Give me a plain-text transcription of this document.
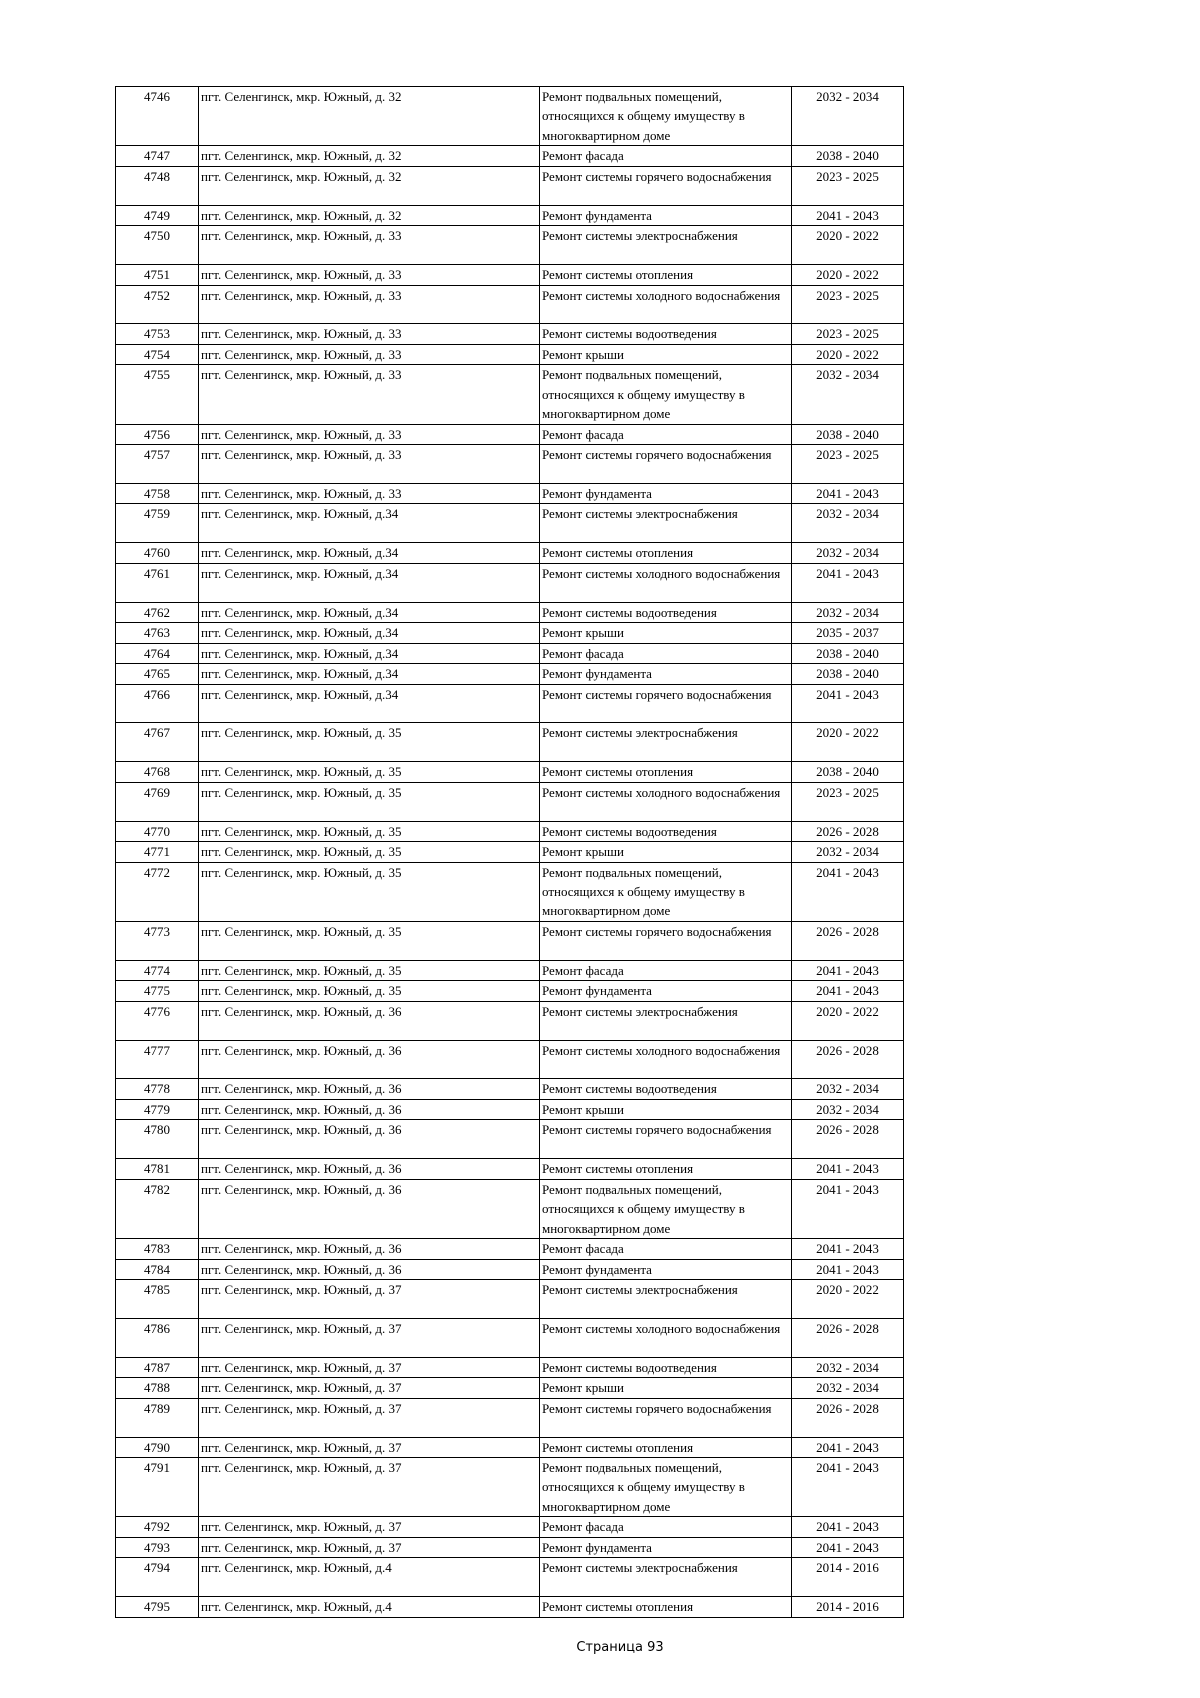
4746	пгт. Селенгинск, мкр. Южный, д. 32	Ремонт подвальных помещений, относящихся к общему имуществу в многоквартирном доме	2032 - 2034
4747	пгт. Селенгинск, мкр. Южный, д. 32	Ремонт фасада	2038 - 2040
4748	пгт. Селенгинск, мкр. Южный, д. 32	Ремонт системы горячего водоснабжения	2023 - 2025
4749	пгт. Селенгинск, мкр. Южный, д. 32	Ремонт фундамента	2041 - 2043
4750	пгт. Селенгинск, мкр. Южный, д. 33	Ремонт системы электроснабжения	2020 - 2022
4751	пгт. Селенгинск, мкр. Южный, д. 33	Ремонт системы отопления	2020 - 2022
4752	пгт. Селенгинск, мкр. Южный, д. 33	Ремонт системы холодного водоснабжения	2023 - 2025
4753	пгт. Селенгинск, мкр. Южный, д. 33	Ремонт системы водоотведения	2023 - 2025
4754	пгт. Селенгинск, мкр. Южный, д. 33	Ремонт крыши	2020 - 2022
4755	пгт. Селенгинск, мкр. Южный, д. 33	Ремонт подвальных помещений, относящихся к общему имуществу в многоквартирном доме	2032 - 2034
4756	пгт. Селенгинск, мкр. Южный, д. 33	Ремонт фасада	2038 - 2040
4757	пгт. Селенгинск, мкр. Южный, д. 33	Ремонт системы горячего водоснабжения	2023 - 2025
4758	пгт. Селенгинск, мкр. Южный, д. 33	Ремонт фундамента	2041 - 2043
4759	пгт. Селенгинск, мкр. Южный, д.34	Ремонт системы электроснабжения	2032 - 2034
4760	пгт. Селенгинск, мкр. Южный, д.34	Ремонт системы отопления	2032 - 2034
4761	пгт. Селенгинск, мкр. Южный, д.34	Ремонт системы холодного водоснабжения	2041 - 2043
4762	пгт. Селенгинск, мкр. Южный, д.34	Ремонт системы водоотведения	2032 - 2034
4763	пгт. Селенгинск, мкр. Южный, д.34	Ремонт крыши	2035 - 2037
4764	пгт. Селенгинск, мкр. Южный, д.34	Ремонт фасада	2038 - 2040
4765	пгт. Селенгинск, мкр. Южный, д.34	Ремонт фундамента	2038 - 2040
4766	пгт. Селенгинск, мкр. Южный, д.34	Ремонт системы горячего водоснабжения	2041 - 2043
4767	пгт. Селенгинск, мкр. Южный, д. 35	Ремонт системы электроснабжения	2020 - 2022
4768	пгт. Селенгинск, мкр. Южный, д. 35	Ремонт системы отопления	2038 - 2040
4769	пгт. Селенгинск, мкр. Южный, д. 35	Ремонт системы холодного водоснабжения	2023 - 2025
4770	пгт. Селенгинск, мкр. Южный, д. 35	Ремонт системы водоотведения	2026 - 2028
4771	пгт. Селенгинск, мкр. Южный, д. 35	Ремонт крыши	2032 - 2034
4772	пгт. Селенгинск, мкр. Южный, д. 35	Ремонт подвальных помещений, относящихся к общему имуществу в многоквартирном доме	2041 - 2043
4773	пгт. Селенгинск, мкр. Южный, д. 35	Ремонт системы горячего водоснабжения	2026 - 2028
4774	пгт. Селенгинск, мкр. Южный, д. 35	Ремонт фасада	2041 - 2043
4775	пгт. Селенгинск, мкр. Южный, д. 35	Ремонт фундамента	2041 - 2043
4776	пгт. Селенгинск, мкр. Южный, д. 36	Ремонт системы электроснабжения	2020 - 2022
4777	пгт. Селенгинск, мкр. Южный, д. 36	Ремонт системы холодного водоснабжения	2026 - 2028
4778	пгт. Селенгинск, мкр. Южный, д. 36	Ремонт системы водоотведения	2032 - 2034
4779	пгт. Селенгинск, мкр. Южный, д. 36	Ремонт крыши	2032 - 2034
4780	пгт. Селенгинск, мкр. Южный, д. 36	Ремонт системы горячего водоснабжения	2026 - 2028
4781	пгт. Селенгинск, мкр. Южный, д. 36	Ремонт системы отопления	2041 - 2043
4782	пгт. Селенгинск, мкр. Южный, д. 36	Ремонт подвальных помещений, относящихся к общему имуществу в многоквартирном доме	2041 - 2043
4783	пгт. Селенгинск, мкр. Южный, д. 36	Ремонт фасада	2041 - 2043
4784	пгт. Селенгинск, мкр. Южный, д. 36	Ремонт фундамента	2041 - 2043
4785	пгт. Селенгинск, мкр. Южный, д. 37	Ремонт системы электроснабжения	2020 - 2022
4786	пгт. Селенгинск, мкр. Южный, д. 37	Ремонт системы холодного водоснабжения	2026 - 2028
4787	пгт. Селенгинск, мкр. Южный, д. 37	Ремонт системы водоотведения	2032 - 2034
4788	пгт. Селенгинск, мкр. Южный, д. 37	Ремонт крыши	2032 - 2034
4789	пгт. Селенгинск, мкр. Южный, д. 37	Ремонт системы горячего водоснабжения	2026 - 2028
4790	пгт. Селенгинск, мкр. Южный, д. 37	Ремонт системы отопления	2041 - 2043
4791	пгт. Селенгинск, мкр. Южный, д. 37	Ремонт подвальных помещений, относящихся к общему имуществу в многоквартирном доме	2041 - 2043
4792	пгт. Селенгинск, мкр. Южный, д. 37	Ремонт фасада	2041 - 2043
4793	пгт. Селенгинск, мкр. Южный, д. 37	Ремонт фундамента	2041 - 2043
4794	пгт. Селенгинск, мкр. Южный, д.4	Ремонт системы электроснабжения	2014 - 2016
4795	пгт. Селенгинск, мкр. Южный, д.4	Ремонт системы отопления	2014 - 2016
Страница 93
